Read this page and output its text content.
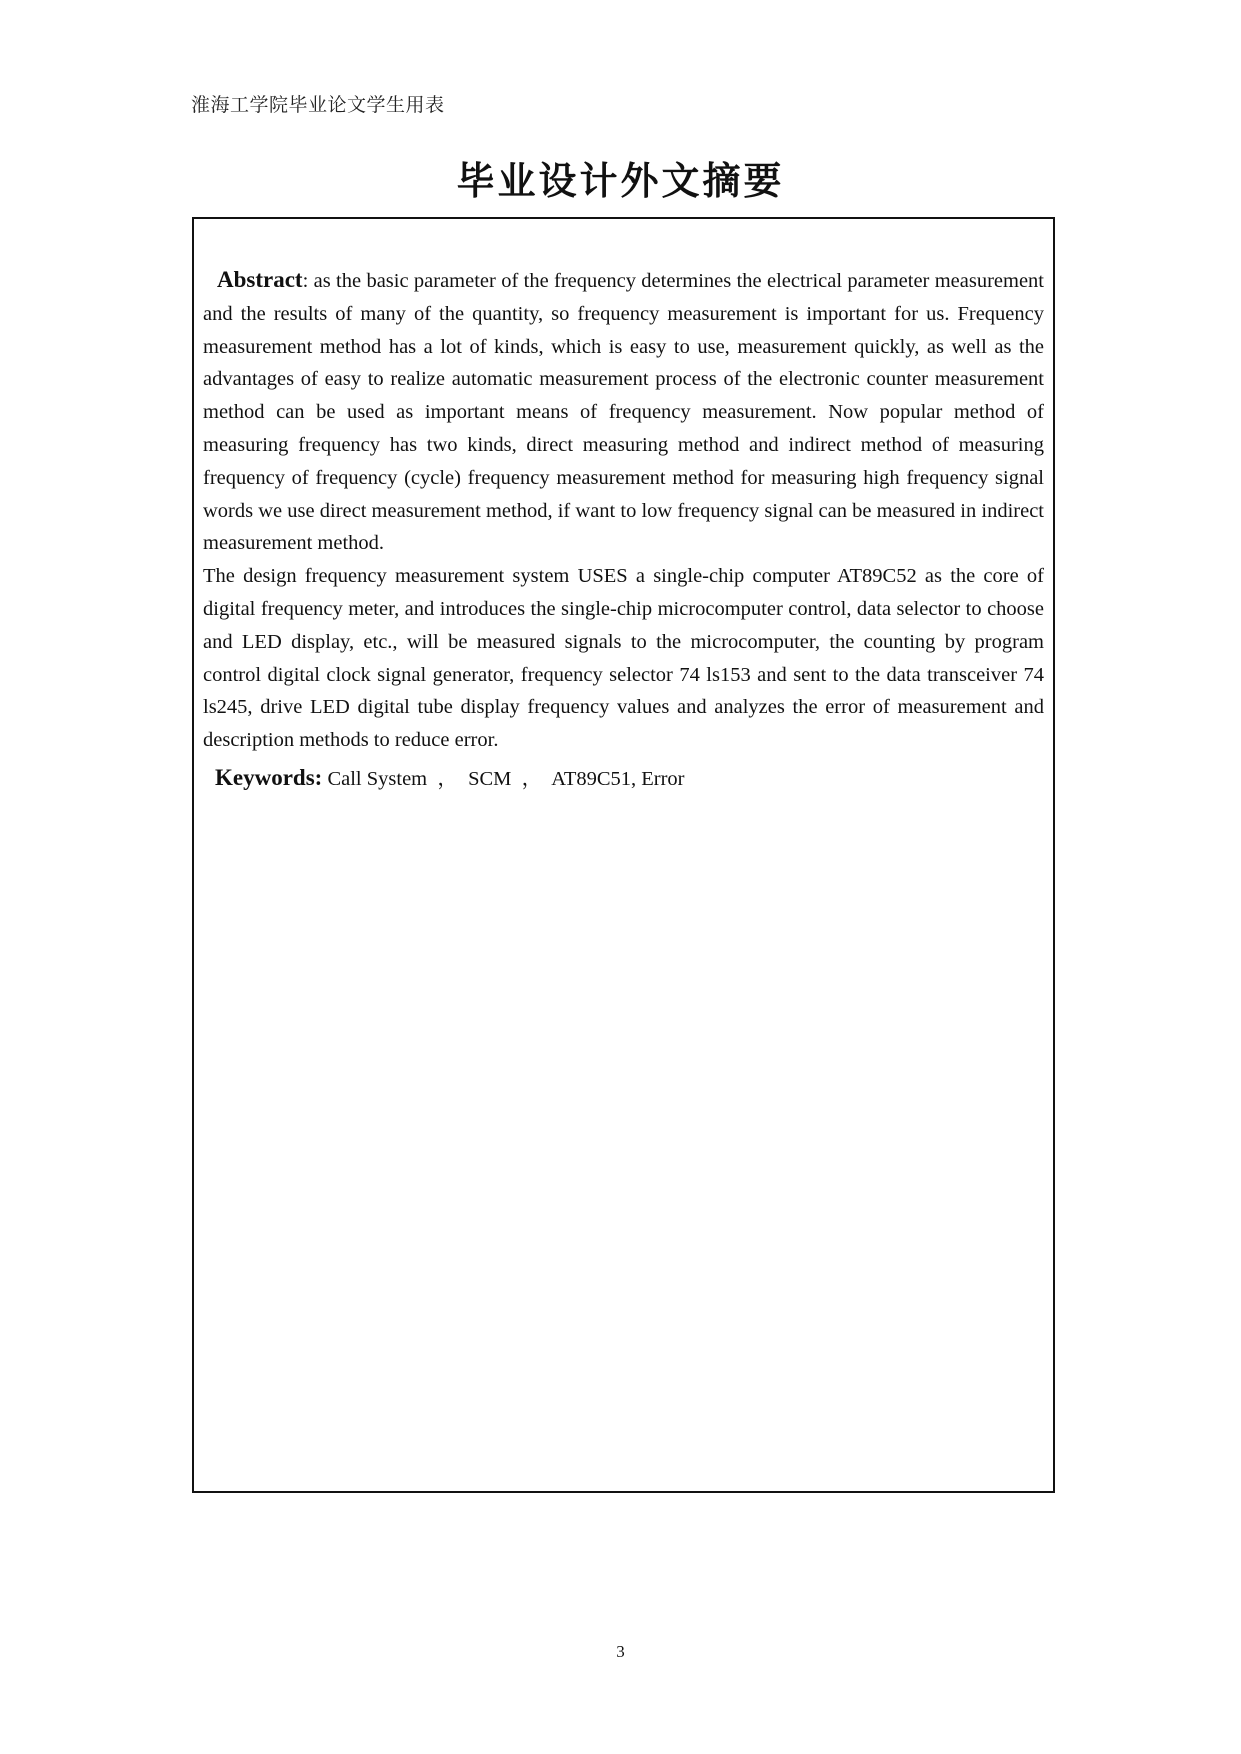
淮海工学院毕业论文学生用表
毕业设计外文摘要

Abstract: as the basic parameter of the frequency determines the electrical parameter measurement and the results of many of the quantity, so frequency measurement is important for us. Frequency measurement method has a lot of kinds, which is easy to use, measurement quickly, as well as the advantages of easy to realize automatic measurement process of the electronic counter measurement method can be used as important means of frequency measurement. Now popular method of measuring frequency has two kinds, direct measuring method and indirect method of measuring frequency of frequency (cycle) frequency measurement method for measuring high frequency signal words we use direct measurement method, if want to low frequency signal can be measured in indirect measurement method.

The design frequency measurement system USES a single-chip computer AT89C52 as the core of digital frequency meter, and introduces the single-chip microcomputer control, data selector to choose and LED display, etc., will be measured signals to the microcomputer, the counting by program control digital clock signal generator, frequency selector 74 ls153 and sent to the data transceiver 74 ls245, drive LED digital tube display frequency values and analyzes the error of measurement and description methods to reduce error.

Keywords: Call System  ，  SCM  ，  AT89C51, Error

3
